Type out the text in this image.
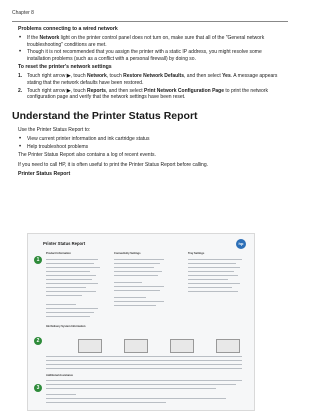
Chapter 8
Problems connecting to a wired network
• If the Network light on the printer control panel does not turn on, make sure that all of the "General network troubleshooting" conditions are met.
• Though it is not recommended that you assign the printer with a static IP address, you might resolve some installation problems (such as a conflict with a personal firewall) by doing so.
To reset the printer's network settings
1. Touch right arrow ▶, touch Network, touch Restore Network Defaults, and then select Yes. A message appears stating that the network defaults have been restored.
2. Touch right arrow ▶, touch Reports, and then select Print Network Configuration Page to print the network configuration page and verify that the network settings have been reset.
Understand the Printer Status Report
Use the Printer Status Report to:
• View current printer information and ink cartridge status
• Help troubleshoot problems
The Printer Status Report also contains a log of recent events.
If you need to call HP, it is often useful to print the Printer Status Report before calling.
Printer Status Report
Printer Status Report	hp
1
Product Information	Connectivity Settings	Tray Settings
Ink Delivery System Information
2
3
Additional Assistance
